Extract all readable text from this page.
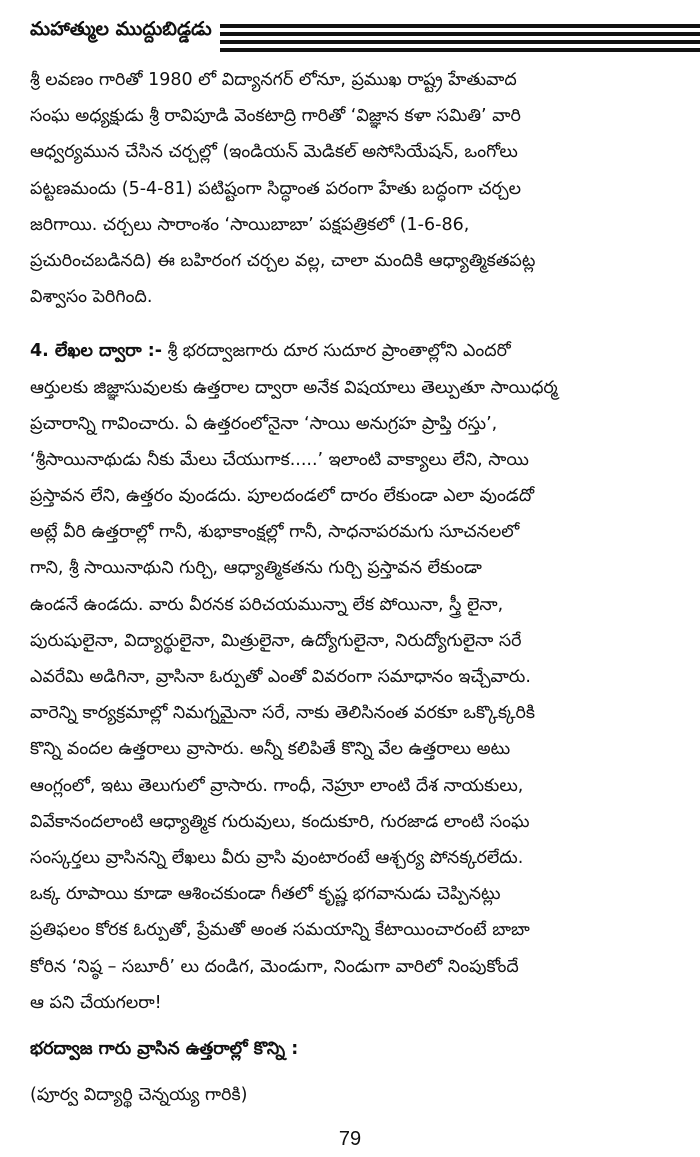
మహాత్ముల ముద్దుబిడ్డడు
శ్రీ లవణం గారితో 1980 లో విద్యానగర్ లోనూ, ప్రముఖ రాష్ట్ర హేతువాద
సంఘ అధ్యక్షుడు శ్రీ రావిపూడి వెంకటాద్రి గారితో ‘విజ్ఞాన కళా సమితి’ వారి
ఆధ్వర్యమున చేసిన చర్చల్లో (ఇండియన్ మెడికల్ అసోసియేషన్, ఒంగోలు
పట్టణమందు (5-4-81) పటిష్టంగా సిద్ధాంత పరంగా హేతు బద్ధంగా చర్చల
జరిగాయి. చర్చలు సారాంశం ‘సాయిబాబా’ పక్షపత్రికలో (1-6-86,
ప్రచురించబడినది) ఈ బహిరంగ చర్చల వల్ల, చాలా మందికి ఆధ్యాత్మికతపట్ల
విశ్వాసం పెరిగింది.
4. లేఖల ద్వారా :- శ్రీ భరద్వాజగారు దూర సుదూర ప్రాంతాల్లోని ఎందరో
ఆర్తులకు జిజ్ఞాసువులకు ఉత్తరాల ద్వారా అనేక విషయాలు తెల్పుతూ సాయిధర్మ
ప్రచారాన్ని గావించారు. ఏ ఉత్తరంలోనైనా ‘సాయి అనుగ్రహ ప్రాప్తి రస్తు’,
‘శ్రీసాయినాథుడు నీకు మేలు చేయుగాక.....’ ఇలాంటి వాక్యాలు లేని, సాయి
ప్రస్తావన లేని, ఉత్తరం వుండదు. పూలదండలో దారం లేకుండా ఎలా వుండదో
అట్లే వీరి ఉత్తరాల్లో గానీ, శుభాకాంక్షల్లో గానీ, సాధనాపరమగు సూచనలలో
గాని, శ్రీ సాయినాథుని గుర్చి, ఆధ్యాత్మికతను గుర్చి ప్రస్తావన లేకుండా
ఉండనే ఉండదు. వారు వీరనక పరిచయమున్నా లేక పోయినా, స్త్రీ లైనా,
పురుషులైనా, విద్యార్థులైనా, మిత్రులైనా, ఉద్యోగులైనా, నిరుద్యోగులైనా సరే
ఎవరేమి అడిగినా, వ్రాసినా ఓర్పుతో ఎంతో వివరంగా సమాధానం ఇచ్చేవారు.
వారెన్ని కార్యక్రమాల్లో నిమగ్నమైనా సరే, నాకు తెలిసినంత వరకూ ఒక్కొక్కరికి
కొన్ని వందల ఉత్తరాలు వ్రాసారు. అన్నీ కలిపితే కొన్ని వేల ఉత్తరాలు అటు
ఆంగ్లంలో, ఇటు తెలుగులో వ్రాసారు. గాంధీ, నెహ్రూ లాంటి దేశ నాయకులు,
వివేకానందలాంటి ఆధ్యాత్మిక గురువులు, కందుకూరి, గురజాడ లాంటి సంఘ
సంస్కర్తలు వ్రాసినన్ని లేఖలు వీరు వ్రాసి వుంటారంటే ఆశ్చర్య పోనక్కరలేదు.
ఒక్క రూపాయి కూడా ఆశించకుండా గీతలో కృష్ణ భగవానుడు చెప్పినట్లు
ప్రతిఫలం కోరక ఓర్పుతో, ప్రేమతో అంత సమయాన్ని కేటాయించారంటే బాబా
కోరిన ‘నిష్ఠ – సబూరీ’ లు దండిగ, మెండుగా, నిండుగా వారిలో నింపుకోందే
ఆ పని చేయగలరా!
భరద్వాజ గారు వ్రాసిన ఉత్తరాల్లో కొన్ని :
(పూర్వ విద్యార్థి చెన్నయ్య గారికి)
79
